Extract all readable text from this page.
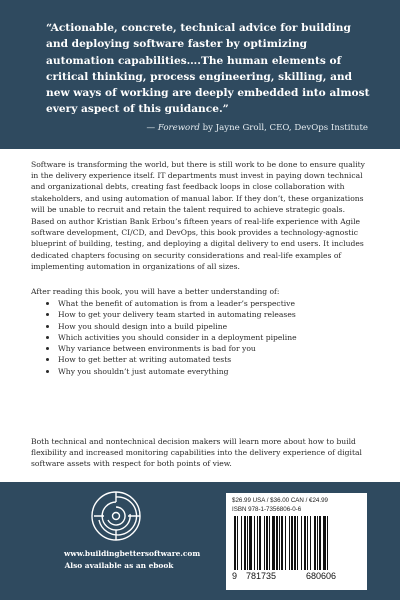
“Actionable, concrete, technical advice for building and deploying software faster by optimizing automation capabilities….The human elements of critical thinking, process engineering, skilling, and new ways of working are deeply embedded into almost every aspect of this guidance.”
— Foreword by Jayne Groll, CEO, DevOps Institute
Software is transforming the world, but there is still work to be done to ensure quality in the delivery experience itself. IT departments must invest in paying down technical and organizational debts, creating fast feedback loops in close collaboration with stakeholders, and using automation of manual labor. If they don’t, these organizations will be unable to recruit and retain the talent required to achieve strategic goals.
Based on author Kristian Bank Erbou’s fifteen years of real-life experience with Agile software development, CI/CD, and DevOps, this book provides a technology-agnostic blueprint of building, testing, and deploying a digital delivery to end users. It includes dedicated chapters focusing on security considerations and real-life examples of implementing automation in organizations of all sizes.
After reading this book, you will have a better understanding of:
What the benefit of automation is from a leader’s perspective
How to get your delivery team started in automating releases
How you should design into a build pipeline
Which activities you should consider in a deployment pipeline
Why variance between environments is bad for you
How to get better at writing automated tests
Why you shouldn’t just automate everything
Both technical and nontechnical decision makers will learn more about how to build flexibility and increased monitoring capabilities into the delivery experience of digital software assets with respect for both points of view.
www.buildingbettersoftware.com
Also available as an ebook
$26.99 USA / $36.00 CAN / €24.99
ISBN 978-1-7356806-0-6
9 781735	680606
